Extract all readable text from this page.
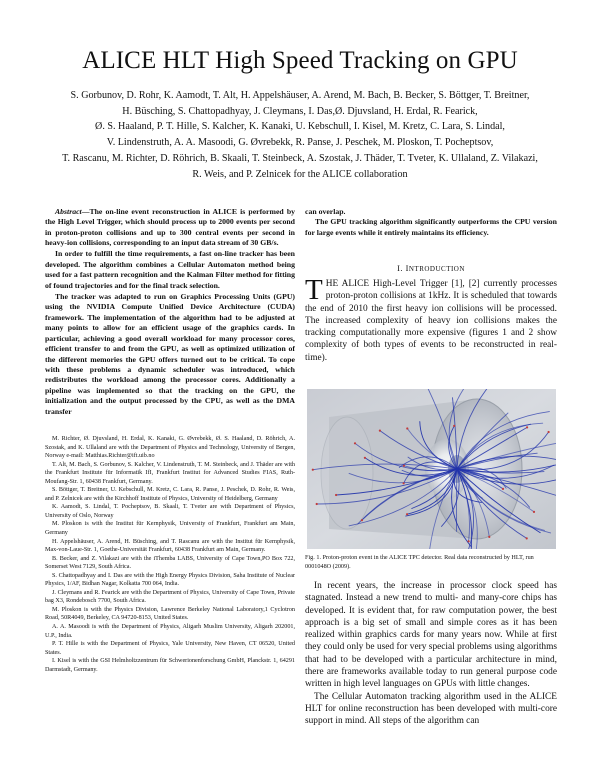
ALICE HLT High Speed Tracking on GPU
S. Gorbunov, D. Rohr, K. Aamodt, T. Alt, H. Appelshäuser, A. Arend, M. Bach, B. Becker, S. Böttger, T. Breitner,
H. Büsching, S. Chattopadhyay, J. Cleymans, I. Das,Ø. Djuvsland, H. Erdal, R. Fearick,
Ø. S. Haaland, P. T. Hille, S. Kalcher, K. Kanaki, U. Kebschull, I. Kisel, M. Kretz, C. Lara, S. Lindal,
V. Lindenstruth, A. A. Masoodi, G. Øvrebekk, R. Panse, J. Peschek, M. Ploskon, T. Pocheptsov,
T. Rascanu, M. Richter, D. Röhrich, B. Skaali, T. Steinbeck, A. Szostak, J. Thäder, T. Tveter, K. Ullaland, Z. Vilakazi,
R. Weis, and P. Zelnicek for the ALICE collaboration

Abstract—The on-line event reconstruction in ALICE is performed by the High Level Trigger, which should process up to 2000 events per second in proton-proton collisions and up to 300 central events per second in heavy-ion collisions, corresponding to an input data stream of 30 GB/s.

In order to fulfill the time requirements, a fast on-line tracker has been developed. The algorithm combines a Cellular Automaton method being used for a fast pattern recognition and the Kalman Filter method for fitting of found trajectories and for the final track selection.

The tracker was adapted to run on Graphics Processing Units (GPU) using the NVIDIA Compute Unified Device Architecture (CUDA) framework. The implementation of the algorithm had to be adjusted at many points to allow for an efficient usage of the graphics cards. In particular, achieving a good overall workload for many processor cores, efficient transfer to and from the GPU, as well as optimized utilization of the different memories the GPU offers turned out to be critical. To cope with these problems a dynamic scheduler was introduced, which redistributes the workload among the processor cores. Additionally a pipeline was implemented so that the tracking on the GPU, the initialization and the output processed by the CPU, as well as the DMA transfer

M. Richter, Ø. Djuvsland, H. Erdal, K. Kanaki, G. Øvrebekk, Ø. S. Haaland, D. Röhrich, A. Szostak, and K. Ullaland are with the Department of Physics and Technology, University of Bergen, Norway e-mail: Matthias.Richter@ift.uib.no

T. Alt, M. Bach, S. Gorbunov, S. Kalcher, V. Lindenstruth, T. M. Steinbeck, and J. Thäder are with the Frankfurt Institute für Informatik IfI, Frankfurt Institut for Advanced Studies FIAS, Ruth-Moufang-Str. 1, 60438 Frankfurt, Germany.

S. Böttger, T. Breitner, U. Kebschull, M. Kretz, C. Lara, R. Panse, J. Peschek, D. Rohr, R. Weis, and P. Zelnicek are with the Kirchhoff Institute of Physics, University of Heidelberg, Germany

K. Aamodt, S. Lindal, T. Pocheptsov, B. Skaali, T. Tveter are with Department of Physics, University of Oslo, Norway

M. Ploskon is with the Institut für Kernphysik, University of Frankfurt, Frankfurt am Main, Germany

H. Appelshäuser, A. Arend, H. Büsching, and T. Rascanu are with the Institut für Kernphysik, Max-von-Laue-Str. 1, Goethe-Universität Frankfurt, 60438 Frankfurt am Main, Germany.

B. Becker, and Z. Vilakazi are with the iThemba LABS, University of Cape Town,PO Box 722, Somerset West 7129, South Africa.

S. Chattopadhyay and I. Das are with the High Energy Physics Division, Saha Institute of Nuclear Physics, 1/AF, Bidhan Nagar, Kolkatta 700 064, India.

J. Cleymans and R. Fearick are with the Department of Physics, University of Cape Town, Private bag X3, Rondebosch 7700, South Africa.

M. Ploskon is with the Physics Division, Lawrence Berkeley National Laboratory,1 Cyclotron Road, 50R4049, Berkeley, CA 94720-8153, United States.

A. A. Masoodi is with the Department of Physics, Aligarh Muslim University, Aligarh 202001, U.P., India.

P. T. Hille is with the Department of Physics, Yale University, New Haven, CT 06520, United States.

I. Kisel is with the GSI Helmholtzzentrum für Schwerionenforschung GmbH, Planckstr. 1, 64291 Darmstadt, Germany.

can overlap.

The GPU tracking algorithm significantly outperforms the CPU version for large events while it entirely maintains its efficiency.

I. INTRODUCTION

THE ALICE High-Level Trigger [1], [2] currently processes proton-proton collisions at 1kHz. It is scheduled that towards the end of 2010 the first heavy ion collisions will be processed. The increased complexity of heavy ion collisions makes the tracking computationally more expensive (figures 1 and 2 show complexity of both types of events to be reconstructed in real-time).

Fig. 1. Proton-proton event in the ALICE TPC detector. Real data reconstructed by HLT, run 0001048O (2009).

In recent years, the increase in processor clock speed has stagnated. Instead a new trend to multi- and many-core chips has developed. It is evident that, for raw computation power, the best approach is a big set of small and simple cores as it has been realized within graphics cards for many years now. While at first they could only be used for very special problems using algorithms that had to be developed with a particular architecture in mind, there are frameworks available today to run general purpose code written in high level languages on GPUs with little changes.

The Cellular Automaton tracking algorithm used in the ALICE HLT for online reconstruction has been developed with multi-core support in mind. All steps of the algorithm can
